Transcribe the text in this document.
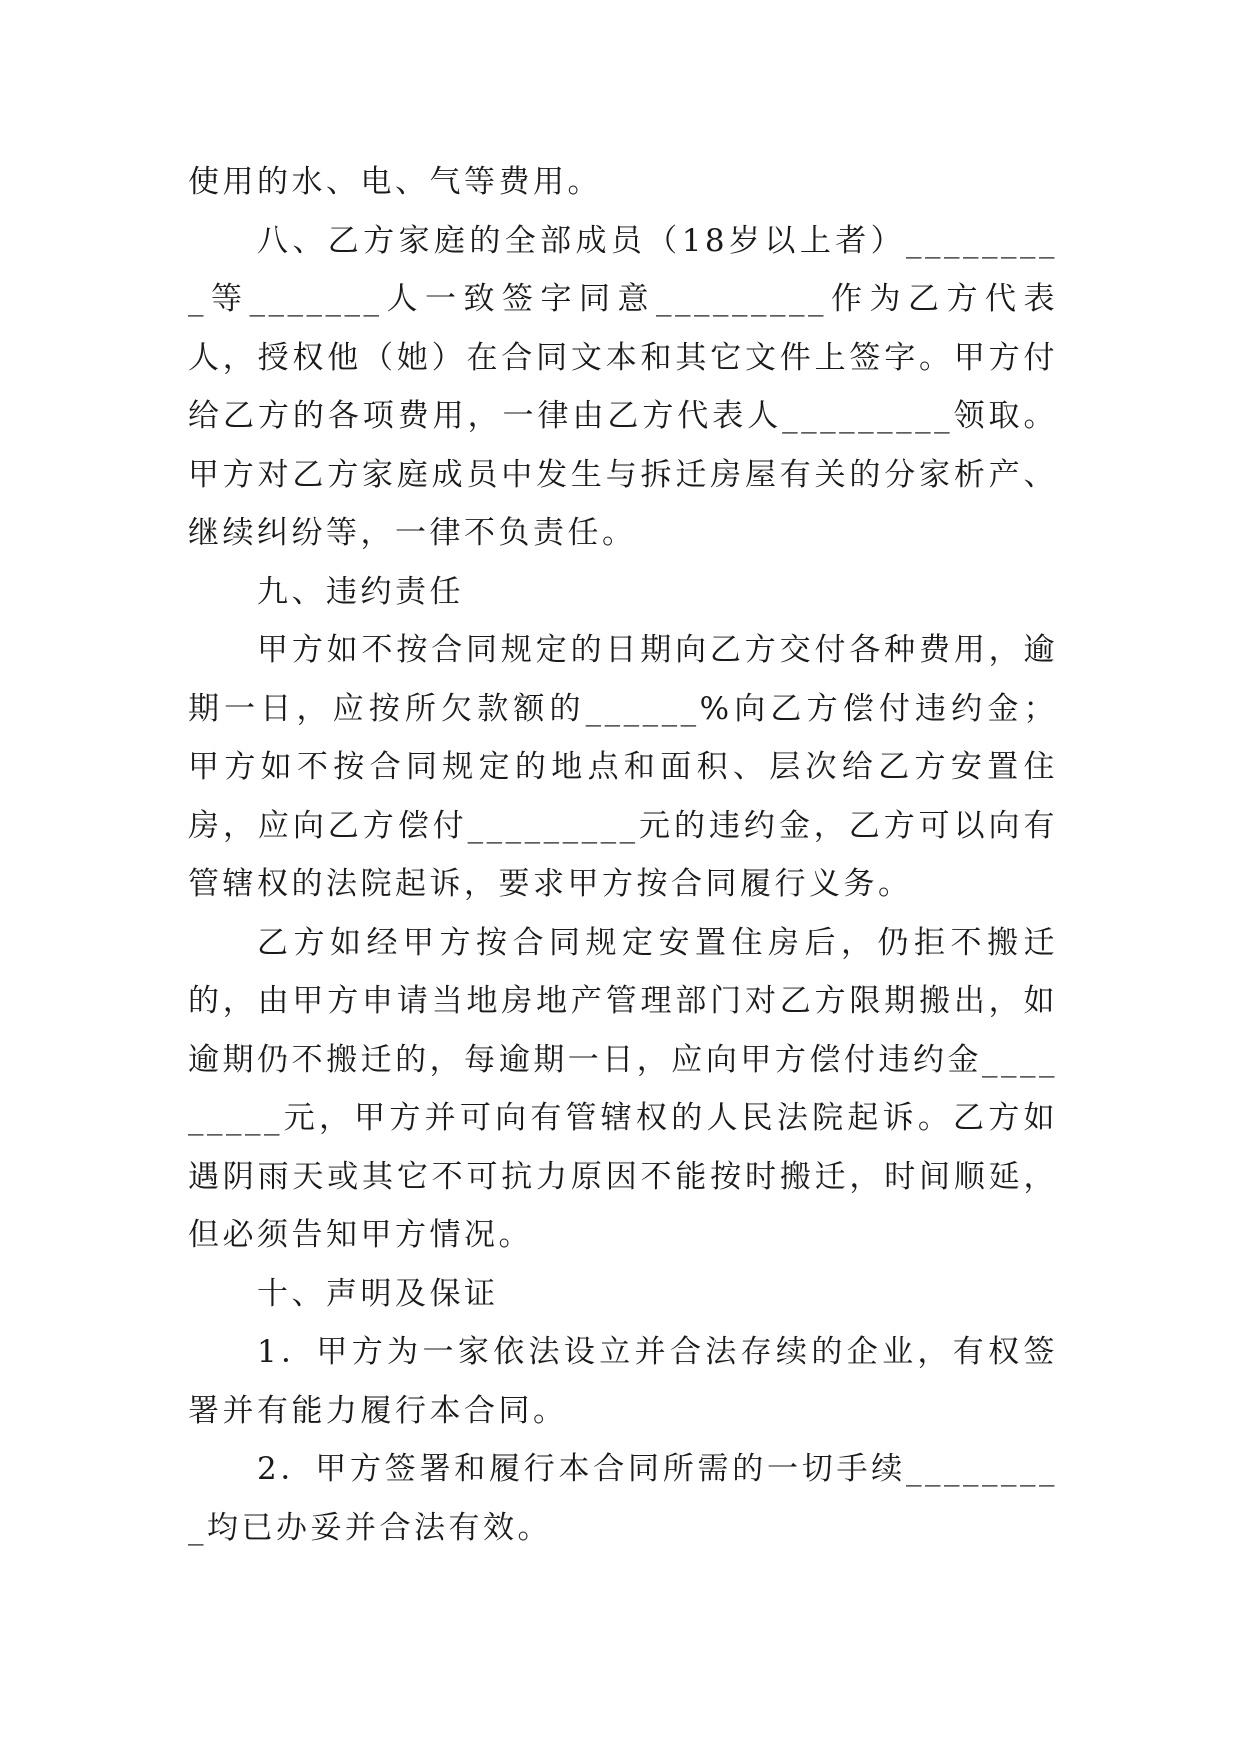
使用的水、电、气等费用。

八、乙方家庭的全部成员（18岁以上者）_________等_______人一致签字同意_________作为乙方代表人，授权他（她）在合同文本和其它文件上签字。甲方付给乙方的各项费用，一律由乙方代表人_________领取。甲方对乙方家庭成员中发生与拆迁房屋有关的分家析产、继续纠纷等，一律不负责任。

九、违约责任

甲方如不按合同规定的日期向乙方交付各种费用，逾期一日，应按所欠款额的______%向乙方偿付违约金；甲方如不按合同规定的地点和面积、层次给乙方安置住房，应向乙方偿付_________元的违约金，乙方可以向有管辖权的法院起诉，要求甲方按合同履行义务。

乙方如经甲方按合同规定安置住房后，仍拒不搬迁的，由甲方申请当地房地产管理部门对乙方限期搬出，如逾期仍不搬迁的，每逾期一日，应向甲方偿付违约金_________元，甲方并可向有管辖权的人民法院起诉。乙方如遇阴雨天或其它不可抗力原因不能按时搬迁，时间顺延，但必须告知甲方情况。

十、声明及保证

1．甲方为一家依法设立并合法存续的企业，有权签署并有能力履行本合同。

2．甲方签署和履行本合同所需的一切手续_________均已办妥并合法有效。
